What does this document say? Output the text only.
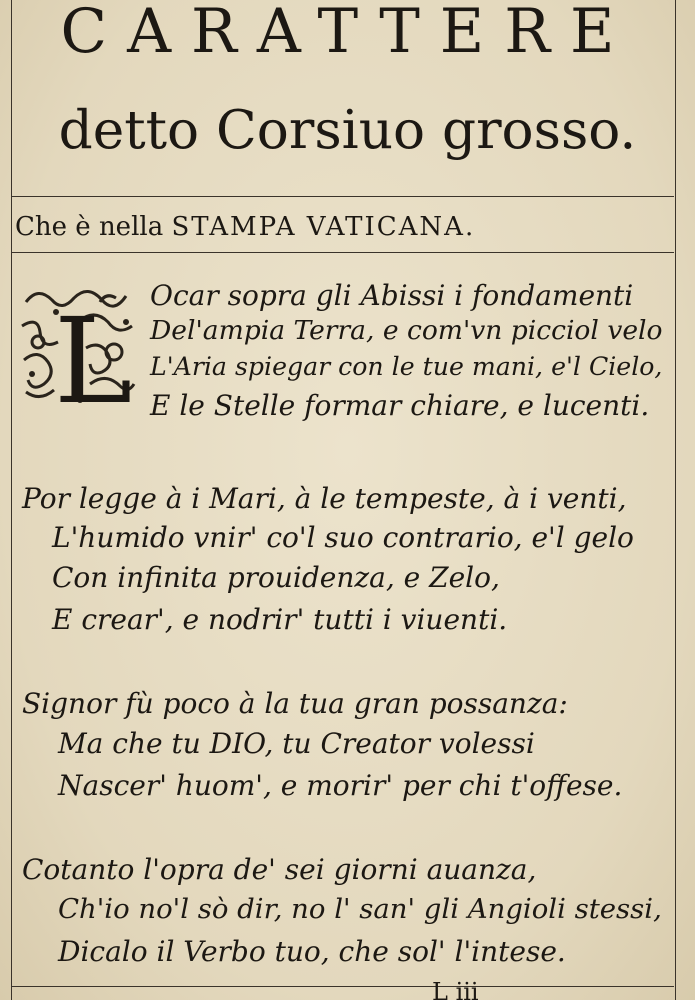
CARATTERE
detto Corsiuo grosso.
Che è nella STAMPA VATICANA.
L Ocar sopra gli Abissi i fondamenti
Del'ampia Terra, e com'vn picciol velo
L'Aria spiegar con le tue mani, e'l Cielo,
E le Stelle formar chiare, e lucenti.
Por legge à i Mari, à le tempeste, à i venti,
L'humido vnir' co'l suo contrario, e'l gelo
Con infinita prouidenza, e Zelo,
E crear', e nodrir' tutti i viuenti.
Signor fù poco à la tua gran possanza:
Ma che tu DIO, tu Creator volessi
Nascer' huom', e morir' per chi t'offese.
Cotanto l'opra de' sei giorni auanza,
Ch'io no'l sò dir, no l' san' gli Angioli stessi,
Dicalo il Verbo tuo, che sol' l'intese.
L iii
